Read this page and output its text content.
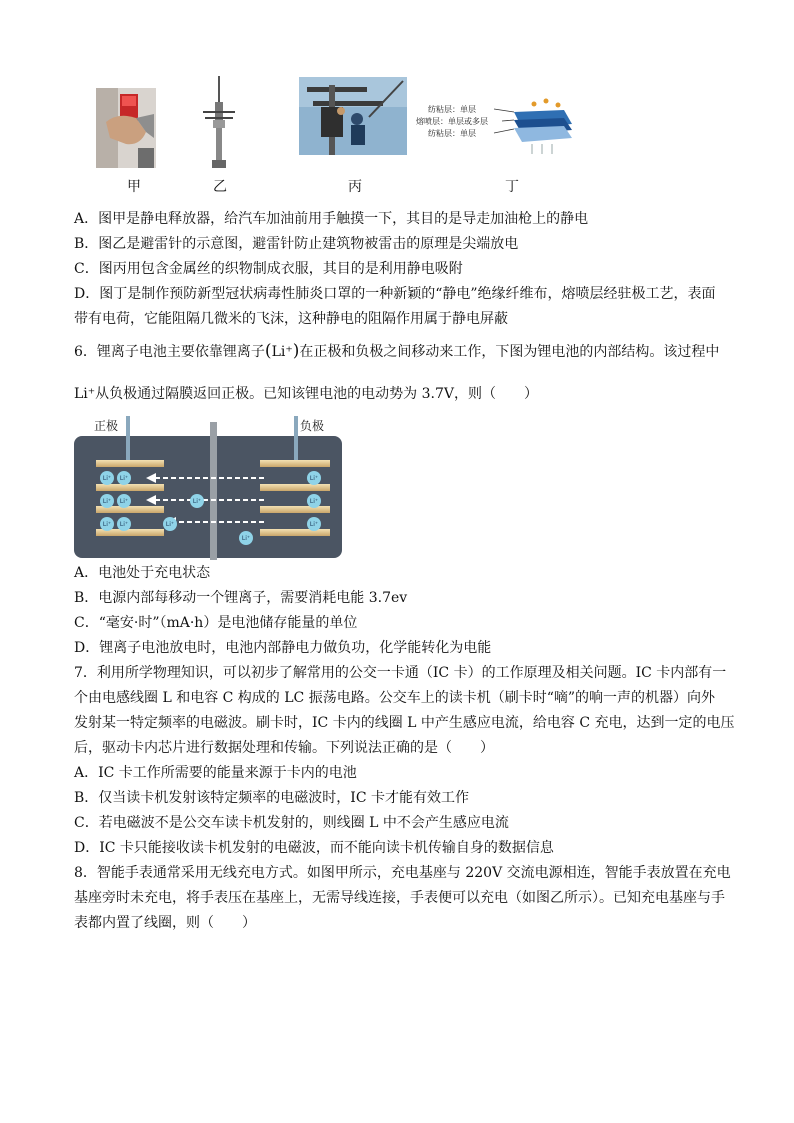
甲	乙	丙
纺粘层：单层
熔喷层：单层或多层
纺粘层：单层
丁
A．图甲是静电释放器，给汽车加油前用手触摸一下，其目的是导走加油枪上的静电
B．图乙是避雷针的示意图，避雷针防止建筑物被雷击的原理是尖端放电
C．图丙用包含金属丝的织物制成衣服，其目的是利用静电吸附
D．图丁是制作预防新型冠状病毒性肺炎口罩的一种新颖的“静电”绝缘纤维布，熔喷层经驻极工艺，表面
带有电荷，它能阻隔几微米的飞沫，这种静电的阻隔作用属于静电屏蔽
6．锂离子电池主要依靠锂离子(Li⁺)在正极和负极之间移动来工作，下图为锂电池的内部结构。该过程中
Li⁺从负极通过隔膜返回正极。已知该锂电池的电动势为 3.7V，则（　　）
正极	负极
Li⁺ Li⁺
Li⁺ Li⁺
Li⁺ Li⁺
Li⁺
Li⁺
Li⁺
Li⁺
Li⁺
Li⁺
A．电池处于充电状态
B．电源内部每移动一个锂离子，需要消耗电能 3.7ev
C．“毫安·时”（mA·h）是电池储存能量的单位
D．锂离子电池放电时，电池内部静电力做负功，化学能转化为电能
7．利用所学物理知识，可以初步了解常用的公交一卡通（IC 卡）的工作原理及相关问题。IC 卡内部有一
个由电感线圈 L 和电容 C 构成的 LC 振荡电路。公交车上的读卡机（刷卡时“嘀”的响一声的机器）向外
发射某一特定频率的电磁波。刷卡时，IC 卡内的线圈 L 中产生感应电流，给电容 C 充电，达到一定的电压
后，驱动卡内芯片进行数据处理和传输。下列说法正确的是（　　）
A．IC 卡工作所需要的能量来源于卡内的电池
B．仅当读卡机发射该特定频率的电磁波时，IC 卡才能有效工作
C．若电磁波不是公交车读卡机发射的，则线圈 L 中不会产生感应电流
D．IC 卡只能接收读卡机发射的电磁波，而不能向读卡机传输自身的数据信息
8．智能手表通常采用无线充电方式。如图甲所示，充电基座与 220V 交流电源相连，智能手表放置在充电
基座旁时未充电，将手表压在基座上，无需导线连接，手表便可以充电（如图乙所示）。已知充电基座与手
表都内置了线圈，则（　　）
